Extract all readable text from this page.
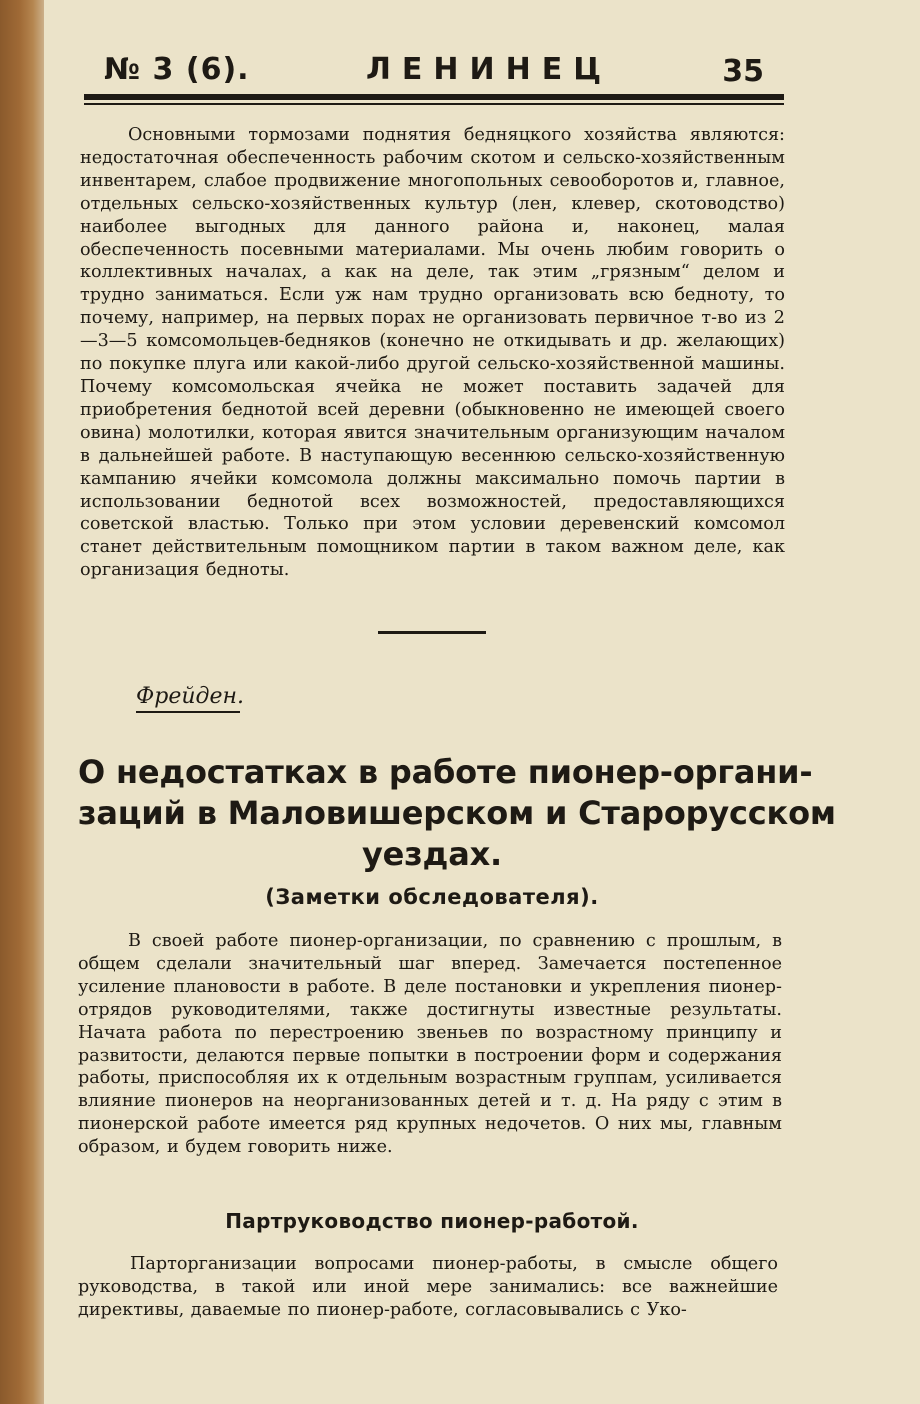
№ 3 (6).	ЛЕНИНЕЦ	35

Основными тормозами поднятия бедняцкого хозяйства являются: недостаточная обеспеченность рабочим скотом и сельско-хозяйственным инвентарем, слабое продвижение многопольных севооборотов и, главное, отдельных сельско-хозяйственных культур (лен, клевер, скотоводство) наиболее выгодных для данного района и, наконец, малая обеспеченность посевными материалами. Мы очень любим говорить о коллективных началах, а как на деле, так этим „грязным“ делом и трудно заниматься. Если уж нам трудно организовать всю бедноту, то почему, например, на первых порах не организовать первичное т-во из 2—3—5 комсомольцев-бедняков (конечно не откидывать и др. желающих) по покупке плуга или какой-либо другой сельско-хозяйственной машины. Почему комсомольская ячейка не может поставить задачей для приобретения беднотой всей деревни (обыкновенно не имеющей своего овина) молотилки, которая явится значительным организующим началом в дальнейшей работе. В наступающую весеннюю сельско-хозяйственную кампанию ячейки комсомола должны максимально помочь партии в использовании беднотой всех возможностей, предоставляющихся советской властью. Только при этом условии деревенский комсомол станет действительным помощником партии в таком важном деле, как организация бедноты.

Фрейден.

О недостатках в работе пионер-органи-
заций в Маловишерском и Старорусском
уездах.

(Заметки обследователя).

В своей работе пионер-организации, по сравнению с прошлым, в общем сделали значительный шаг вперед. Замечается постепенное усиление плановости в работе. В деле постановки и укрепления пионер-отрядов руководителями, также достигнуты известные результаты. Начата работа по перестроению звеньев по возрастному принципу и развитости, делаются первые попытки в построении форм и содержания работы, приспособляя их к отдельным возрастным группам, усиливается влияние пионеров на неорганизованных детей и т. д. На ряду с этим в пионерской работе имеется ряд крупных недочетов. О них мы, главным образом, и будем говорить ниже.

Партруководство пионер-работой.

Парторганизации вопросами пионер-работы, в смысле общего руководства, в такой или иной мере занимались: все важнейшие директивы, даваемые по пионер-работе, согласовывались с Уко-
